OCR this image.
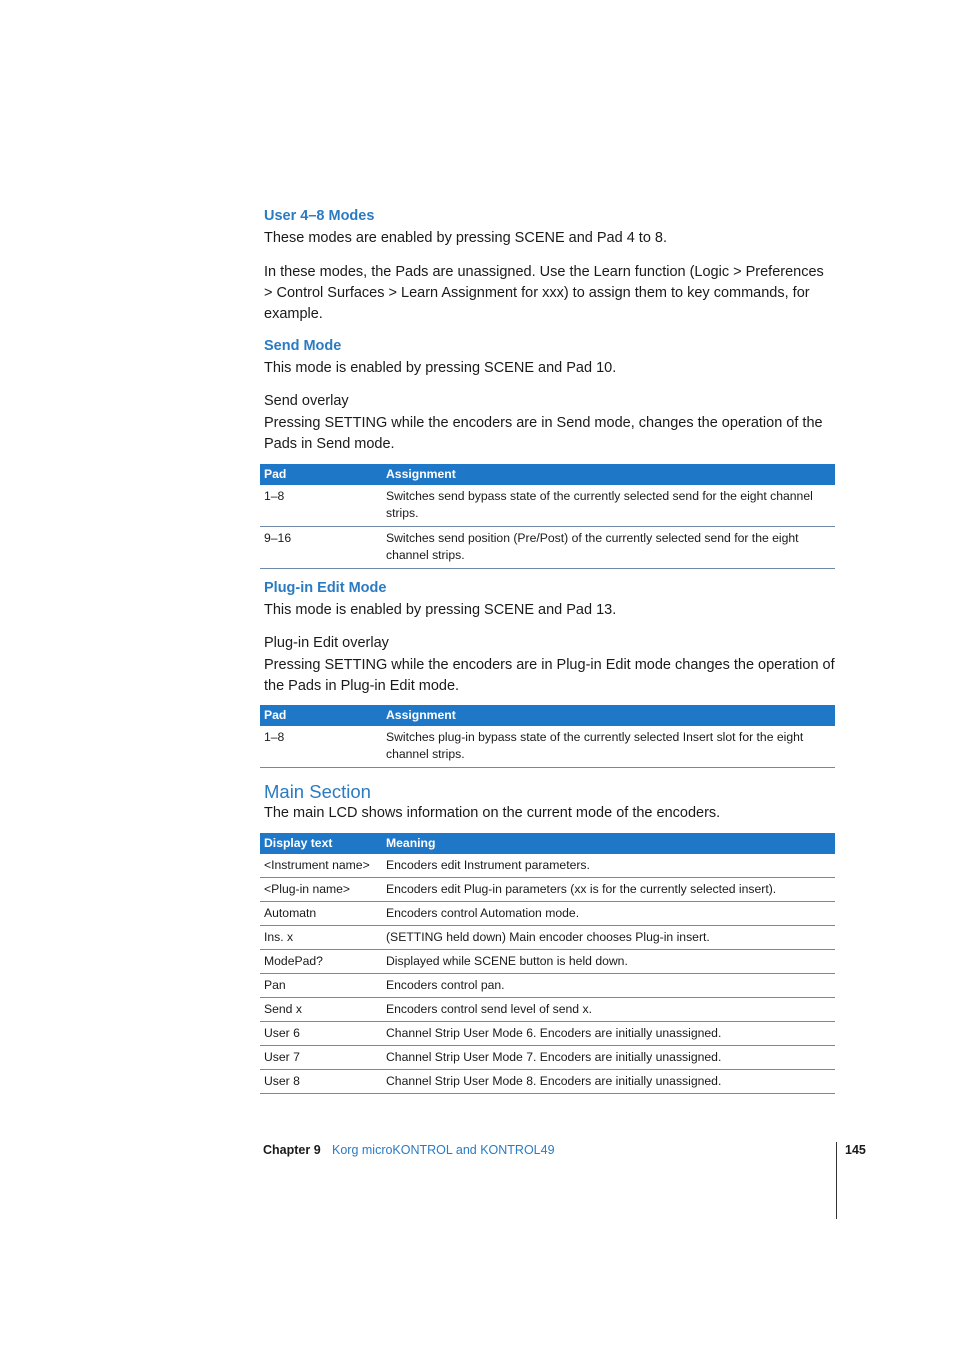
User 4–8 Modes
These modes are enabled by pressing SCENE and Pad 4 to 8.
In these modes, the Pads are unassigned. Use the Learn function (Logic > Preferences > Control Surfaces > Learn Assignment for xxx) to assign them to key commands, for example.
Send Mode
This mode is enabled by pressing SCENE and Pad 10.
Send overlay
Pressing SETTING while the encoders are in Send mode, changes the operation of the Pads in Send mode.
Pad	Assignment
1–8	Switches send bypass state of the currently selected send for the eight channel strips.
9–16	Switches send position (Pre/Post) of the currently selected send for the eight channel strips.
Plug-in Edit Mode
This mode is enabled by pressing SCENE and Pad 13.
Plug-in Edit overlay
Pressing SETTING while the encoders are in Plug-in Edit mode changes the operation of the Pads in Plug-in Edit mode.
Pad	Assignment
1–8	Switches plug-in bypass state of the currently selected Insert slot for the eight channel strips.
Main Section
The main LCD shows information on the current mode of the encoders.
Display text	Meaning
<Instrument name>	Encoders edit Instrument parameters.
<Plug-in name>	Encoders edit Plug-in parameters (xx is for the currently selected insert).
Automatn	Encoders control Automation mode.
Ins. x	(SETTING held down) Main encoder chooses Plug-in insert.
ModePad?	Displayed while SCENE button is held down.
Pan	Encoders control pan.
Send x	Encoders control send level of send x.
User 6	Channel Strip User Mode 6. Encoders are initially unassigned.
User 7	Channel Strip User Mode 7. Encoders are initially unassigned.
User 8	Channel Strip User Mode 8. Encoders are initially unassigned.
Chapter 9 Korg microKONTROL and KONTROL49	145
